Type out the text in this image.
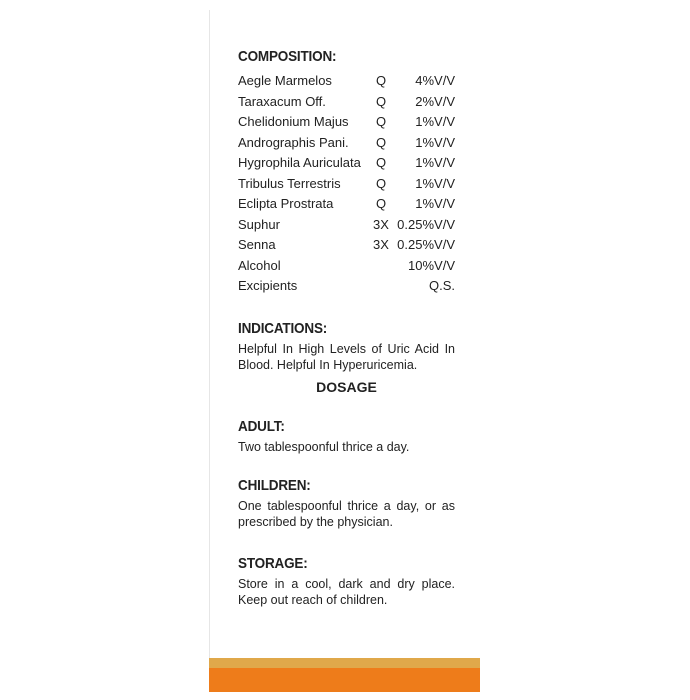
COMPOSITION:
Aegle Marmelos	Q	4%V/V
Taraxacum Off.	Q	2%V/V
Chelidonium Majus	Q	1%V/V
Andrographis Pani.	Q	1%V/V
Hygrophila Auriculata	Q	1%V/V
Tribulus Terrestris	Q	1%V/V
Eclipta Prostrata	Q	1%V/V
Suphur	3X	0.25%V/V
Senna	3X	0.25%V/V
Alcohol		10%V/V
Excipients		Q.S.
INDICATIONS:

Helpful In High Levels of Uric Acid In Blood. Helpful In Hyperuricemia.

DOSAGE
ADULT:

Two tablespoonful thrice a day.

CHILDREN:

One tablespoonful thrice a day, or as prescribed by the physician.

STORAGE:

Store in a cool, dark and dry place. Keep out reach of children.
